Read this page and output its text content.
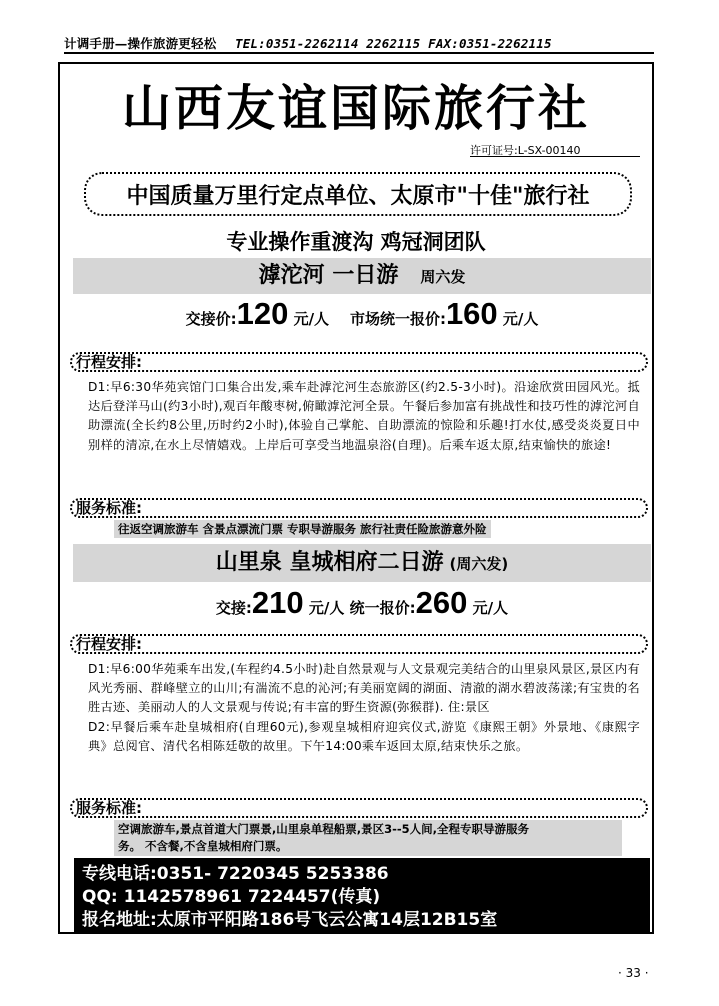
计调手册—操作旅游更轻松 TEL:0351-2262114 2262115 FAX:0351-2262115
山西友谊国际旅行社
许可证号:L-SX-00140
中国质量万里行定点单位、太原市"十佳"旅行社
专业操作重渡沟 鸡冠洞团队
滹沱河 一日游 周六发
交接价:120 元/人 市场统一报价:160 元/人
行程安排:

D1:早6:30华苑宾馆门口集合出发,乘车赴滹沱河生态旅游区(约2.5-3小时)。沿途欣赏田园风光。抵达后登洋马山(约3小时),观百年酸枣树,俯瞰滹沱河全景。午餐后参加富有挑战性和技巧性的滹沱河自助漂流(全长约8公里,历时约2小时),体验自己掌舵、自助漂流的惊险和乐趣!打水仗,感受炎炎夏日中别样的清凉,在水上尽情嬉戏。上岸后可享受当地温泉浴(自理)。后乘车返太原,结束愉快的旅途!

服务标准:
往返空调旅游车 含景点漂流门票 专职导游服务 旅行社责任险旅游意外险
山里泉 皇城相府二日游 (周六发)
交接:210 元/人 统一报价:260 元/人
行程安排:

D1:早6:00华苑乘车出发,(车程约4.5小时)赴自然景观与人文景观完美结合的山里泉风景区,景区内有风光秀丽、群峰壁立的山川;有湍流不息的沁河;有美丽宽阔的湖面、清澈的湖水碧波荡漾;有宝贵的名胜古迹、美丽动人的人文景观与传说;有丰富的野生资源(弥猴群). 住:景区

D2:早餐后乘车赴皇城相府(自理60元),参观皇城相府迎宾仪式,游览《康熙王朝》外景地、《康熙字典》总阅官、清代名相陈廷敬的故里。下午14:00乘车返回太原,结束快乐之旅。

服务标准:
空调旅游车,景点首道大门票景,山里泉单程船票,景区3--5人间,全程专职导游服务
务。 不含餐,不含皇城相府门票。
专线电话:0351- 7220345 5253386
QQ: 1142578961 7224457(传真)
报名地址:太原市平阳路186号飞云公寓14层12B15室
· 33 ·
